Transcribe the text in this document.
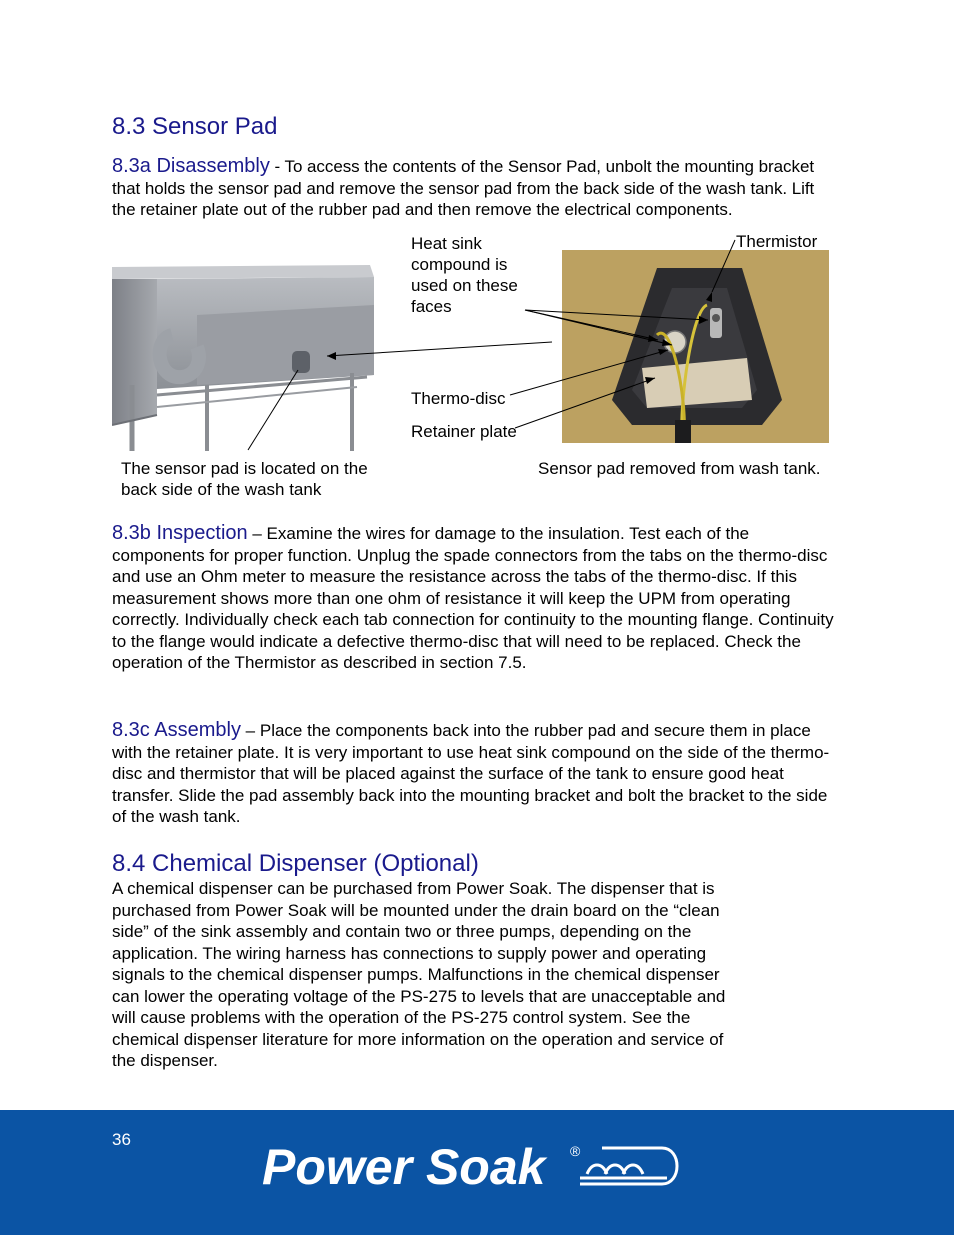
8.3 Sensor Pad
8.3a Disassembly - To access the contents of the Sensor Pad, unbolt the mounting bracket that holds the sensor pad and remove the sensor pad from the back side of the wash tank. Lift the retainer plate out of the rubber pad and then remove the electrical components.
Heat sink compound is used on these faces
Thermistor
Thermo-disc
Retainer plate
The sensor pad is located on the back side of the wash tank
Sensor pad removed from wash tank.
8.3b Inspection – Examine the wires for damage to the insulation. Test each of the components for proper function. Unplug the spade connectors from the tabs on the thermo-disc and use an Ohm meter to measure the resistance across the tabs of the thermo-disc. If this measurement shows more than one ohm of resistance it will keep the UPM from operating correctly. Individually check each tab connection for continuity to the mounting flange. Continuity to the flange would indicate a defective thermo-disc that will need to be replaced. Check the operation of the Thermistor as described in section 7.5.
8.3c Assembly – Place the components back into the rubber pad and secure them in place with the retainer plate. It is very important to use heat sink compound on the side of the thermo-disc and thermistor that will be placed against the surface of the tank to ensure good heat transfer. Slide the pad assembly back into the mounting bracket and bolt the bracket to the side of the wash tank.
8.4 Chemical Dispenser (Optional)
A chemical dispenser can be purchased from Power Soak. The dispenser that is purchased from Power Soak will be mounted under the drain board on the “clean side” of the sink assembly and contain two or three pumps, depending on the application. The wiring harness has connections to supply power and operating signals to the chemical dispenser pumps. Malfunctions in the chemical dispenser can lower the operating voltage of the PS-275 to levels that are unacceptable and will cause problems with the operation of the PS-275 control system. See the chemical dispenser literature for more information on the operation and service of the dispenser.
36	Power Soak ®
